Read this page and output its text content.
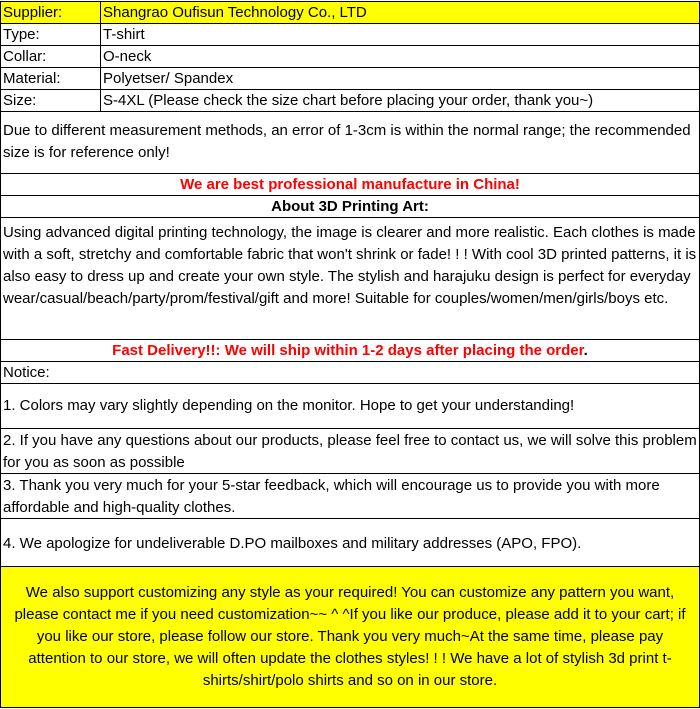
Supplier:	Shangrao Oufisun Technology Co., LTD
Type:	T-shirt
Collar:	O-neck
Material:	Polyetser/ Spandex
Size:	S-4XL (Please check the size chart before placing your order, thank you~)
Due to different measurement methods, an error of 1-3cm is within the normal range; the recommended size is for reference only!
We are best professional manufacture in China!
About 3D Printing Art:
Using advanced digital printing technology, the image is clearer and more realistic. Each clothes is made with a soft, stretchy and comfortable fabric that won't shrink or fade! ! ! With cool 3D printed patterns, it is also easy to dress up and create your own style. The stylish and harajuku design is perfect for everyday wear/casual/beach/party/prom/festival/gift and more! Suitable for couples/women/men/girls/boys etc.
Fast Delivery!!: We will ship within 1-2 days after placing the order.
Notice:
1. Colors may vary slightly depending on the monitor. Hope to get your understanding!
2. If you have any questions about our products, please feel free to contact us, we will solve this problem for you as soon as possible
3. Thank you very much for your 5-star feedback, which will encourage us to provide you with more affordable and high-quality clothes.
4. We apologize for undeliverable D.PO mailboxes and military addresses (APO, FPO).
We also support customizing any style as your required! You can customize any pattern you want, please contact me if you need customization~~ ^ ^If you like our produce, please add it to your cart; if you like our store, please follow our store. Thank you very much~At the same time, please pay attention to our store, we will often update the clothes styles! ! ! We have a lot of stylish 3d print t-shirts/shirt/polo shirts and so on in our store.
